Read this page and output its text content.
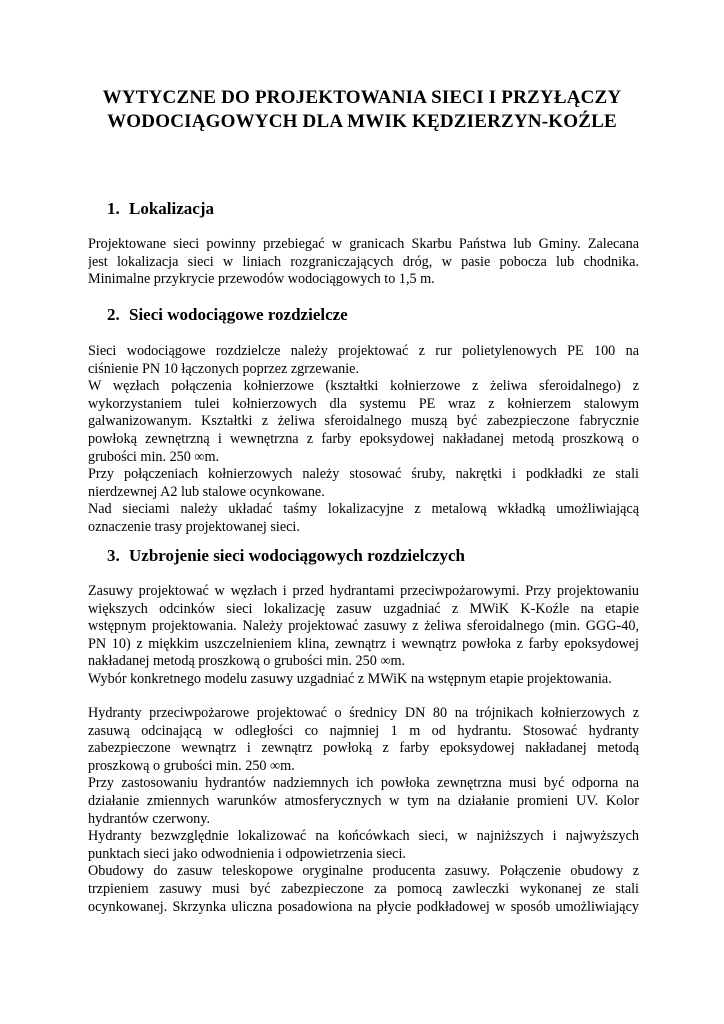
WYTYCZNE DO PROJEKTOWANIA SIECI I PRZYŁĄCZY
WODOCIĄGOWYCH DLA MWIK KĘDZIERZYN-KOŹLE
1. Lokalizacja
Projektowane sieci powinny przebiegać w granicach Skarbu Państwa lub Gminy. Zalecana
jest lokalizacja sieci w liniach rozgraniczających dróg, w pasie pobocza lub chodnika.
Minimalne przykrycie przewodów wodociągowych to 1,5 m.
2. Sieci wodociągowe rozdzielcze
Sieci wodociągowe rozdzielcze należy projektować z rur polietylenowych PE 100 na
ciśnienie PN 10 łączonych poprzez zgrzewanie.
W węzłach połączenia kołnierzowe (kształtki kołnierzowe z żeliwa sferoidalnego) z
wykorzystaniem tulei kołnierzowych dla systemu PE wraz z kołnierzem stalowym
galwanizowanym. Kształtki z żeliwa sferoidalnego muszą być zabezpieczone fabrycznie
powłoką zewnętrzną i wewnętrzna z farby epoksydowej nakładanej metodą proszkową o
grubości min. 250 ∞m.
Przy połączeniach kołnierzowych należy stosować śruby, nakrętki i podkładki ze stali
nierdzewnej A2 lub stalowe ocynkowane.
Nad sieciami należy układać taśmy lokalizacyjne z metalową wkładką umożliwiającą
oznaczenie trasy projektowanej sieci.
3. Uzbrojenie sieci wodociągowych rozdzielczych
Zasuwy projektować w węzłach i przed hydrantami przeciwpożarowymi. Przy projektowaniu
większych odcinków sieci lokalizację zasuw uzgadniać z MWiK K-Koźle na etapie
wstępnym projektowania. Należy projektować zasuwy z żeliwa sferoidalnego (min. GGG-40,
PN 10) z miękkim uszczelnieniem klina, zewnątrz i wewnątrz powłoka z farby epoksydowej
nakładanej metodą proszkową o grubości min. 250 ∞m.
Wybór konkretnego modelu zasuwy uzgadniać z MWiK na wstępnym etapie projektowania.
Hydranty przeciwpożarowe projektować o średnicy DN 80 na trójnikach kołnierzowych z
zasuwą odcinającą w odległości co najmniej 1 m od hydrantu. Stosować hydranty
zabezpieczone wewnątrz i zewnątrz powłoką z farby epoksydowej nakładanej metodą
proszkową o grubości min. 250 ∞m.
Przy zastosowaniu hydrantów nadziemnych ich powłoka zewnętrzna musi być odporna na
działanie zmiennych warunków atmosferycznych w tym na działanie promieni UV. Kolor
hydrantów czerwony.
Hydranty bezwzględnie lokalizować na końcówkach sieci, w najniższych i najwyższych
punktach sieci jako odwodnienia i odpowietrzenia sieci.
Obudowy do zasuw teleskopowe oryginalne producenta zasuwy. Połączenie obudowy z
trzpieniem zasuwy musi być zabezpieczone za pomocą zawleczki wykonanej ze stali
ocynkowanej. Skrzynka uliczna posadowiona na płycie podkładowej w sposób umożliwiający
